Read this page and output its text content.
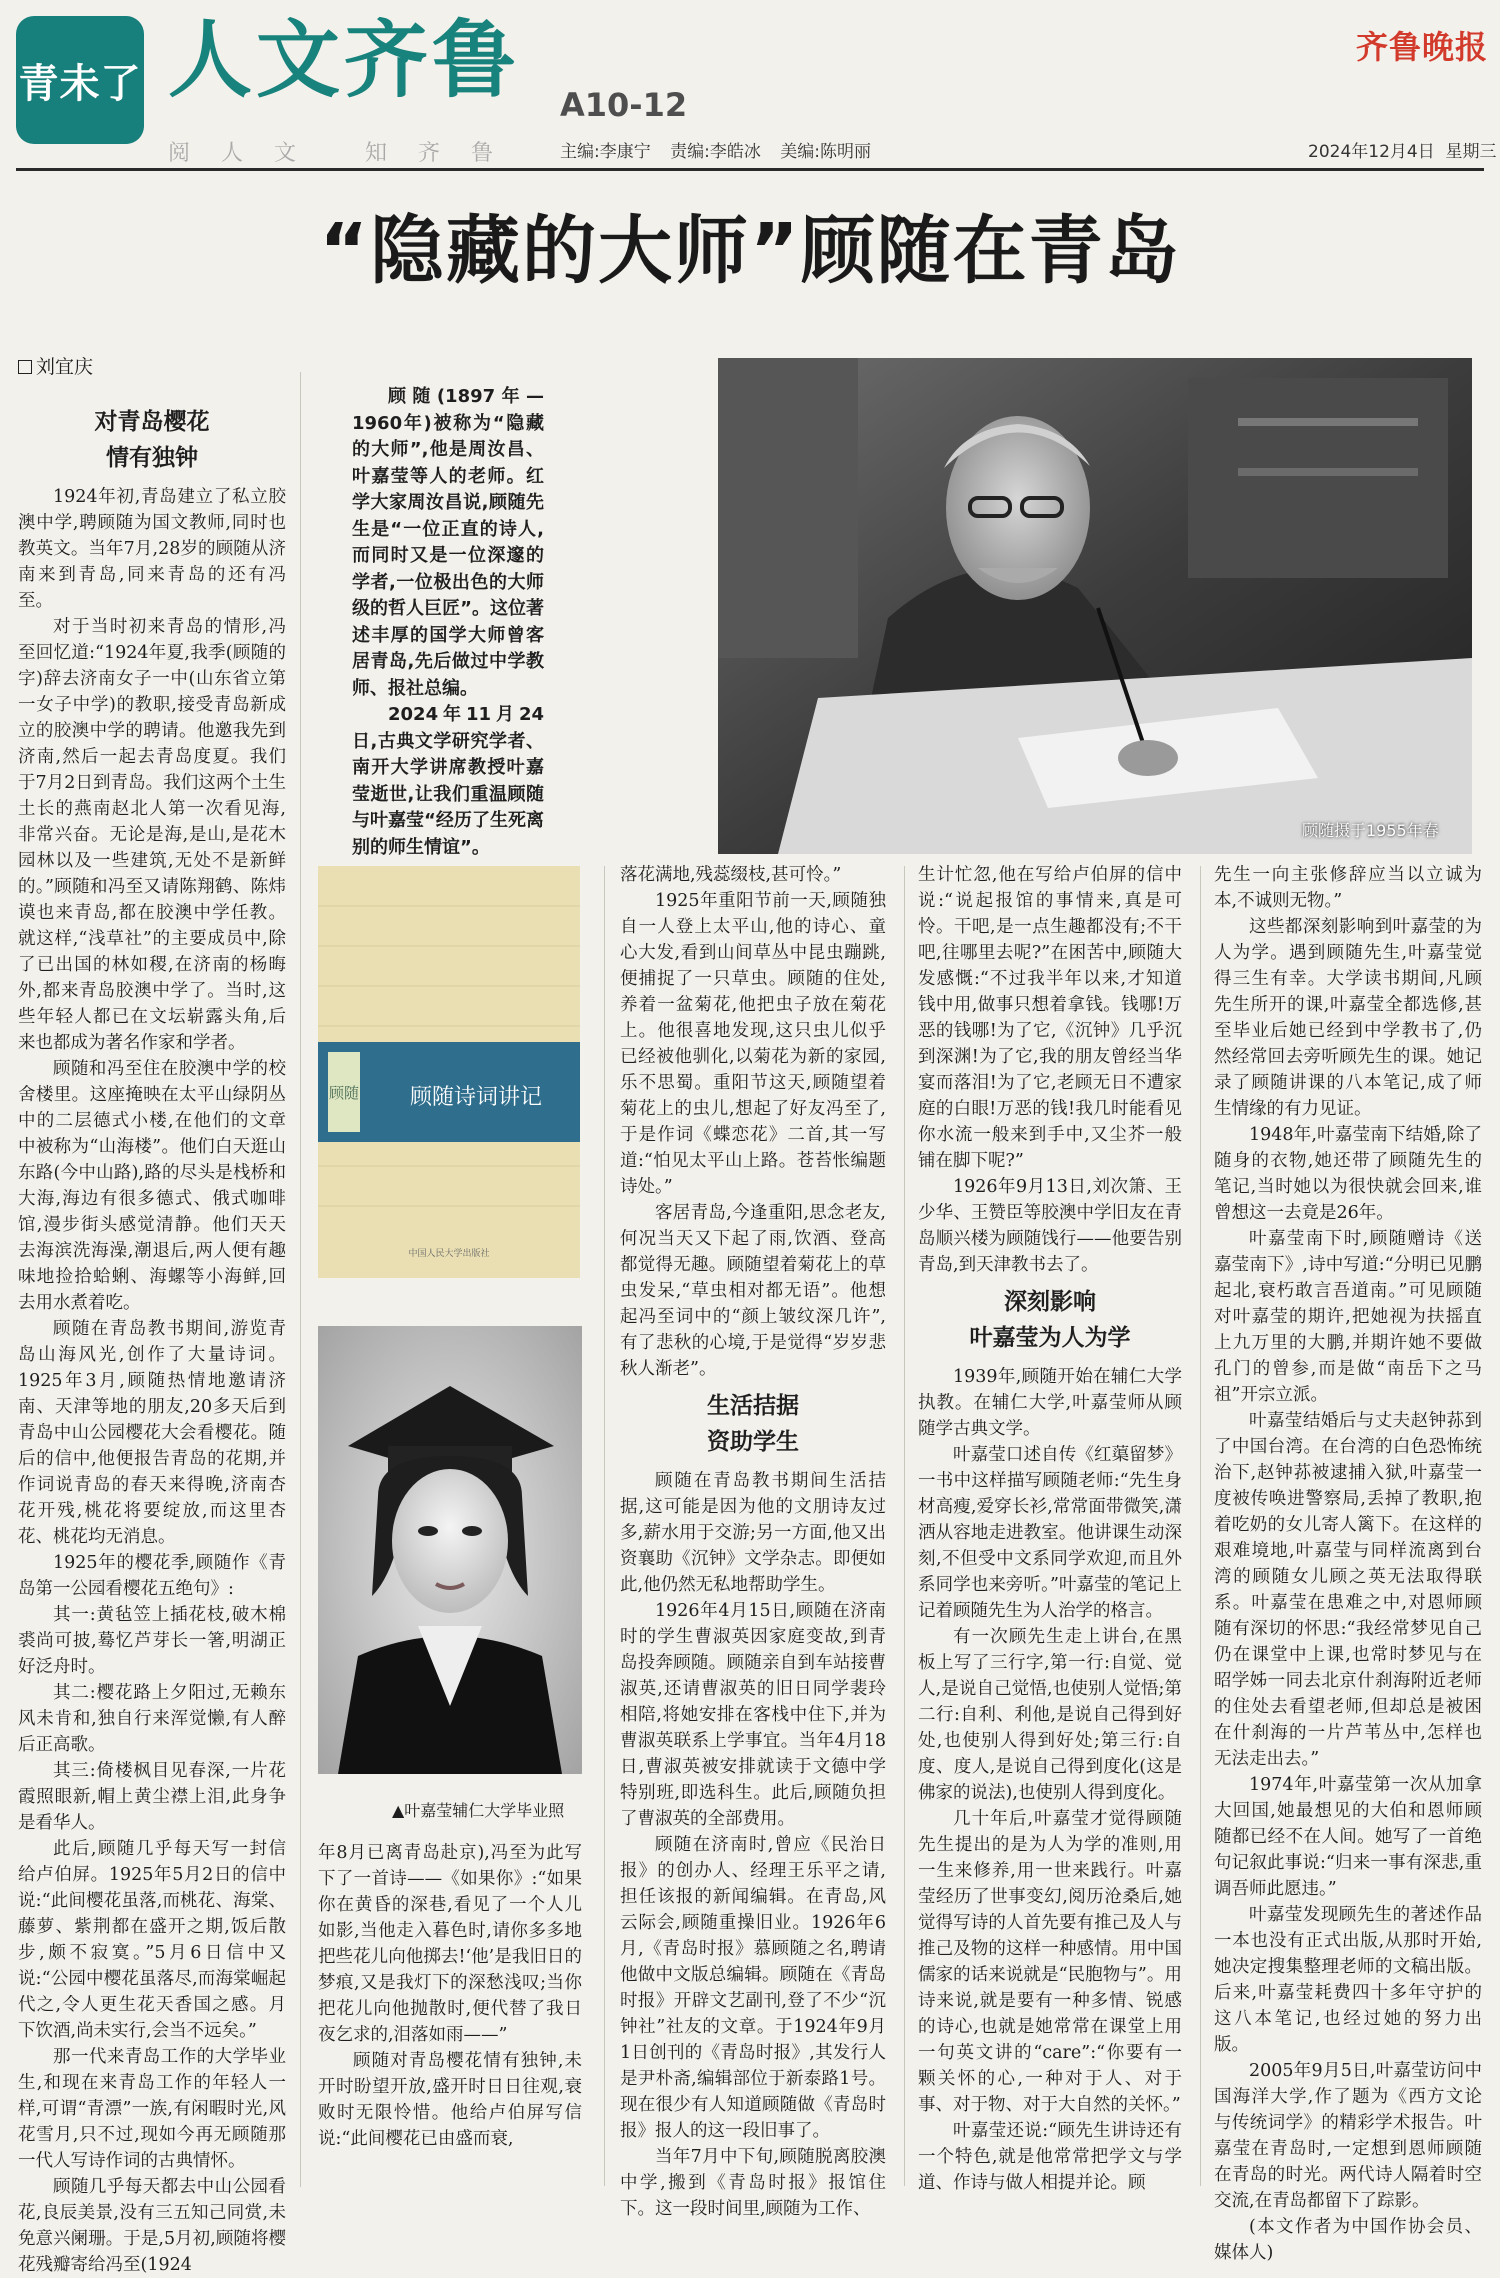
青未了 人文齐鲁 A10-12
阅人文 知齐鲁 主编:李康宁 责编:李皓冰 美编:陈明丽
齐鲁晚报
2024年12月4日 星期三
“隐藏的大师”顾随在青岛
刘宜庆
对青岛樱花
情有独钟

1924年初,青岛建立了私立胶澳中学,聘顾随为国文教师,同时也教英文。当年7月,28岁的顾随从济南来到青岛,同来青岛的还有冯至。

对于当时初来青岛的情形,冯至回忆道:“1924年夏,我季(顾随的字)辞去济南女子一中(山东省立第一女子中学)的教职,接受青岛新成立的胶澳中学的聘请。他邀我先到济南,然后一起去青岛度夏。我们于7月2日到青岛。我们这两个土生土长的燕南赵北人第一次看见海,非常兴奋。无论是海,是山,是花木园林以及一些建筑,无处不是新鲜的。”顾随和冯至又请陈翔鹤、陈炜谟也来青岛,都在胶澳中学任教。就这样,“浅草社”的主要成员中,除了已出国的林如稷,在济南的杨晦外,都来青岛胶澳中学了。当时,这些年轻人都已在文坛崭露头角,后来也都成为著名作家和学者。

顾随和冯至住在胶澳中学的校舍楼里。这座掩映在太平山绿阴丛中的二层德式小楼,在他们的文章中被称为“山海楼”。他们白天逛山东路(今中山路),路的尽头是栈桥和大海,海边有很多德式、俄式咖啡馆,漫步街头感觉清静。他们天天去海滨洗海澡,潮退后,两人便有趣味地捡拾蛤蜊、海螺等小海鲜,回去用水煮着吃。

顾随在青岛教书期间,游览青岛山海风光,创作了大量诗词。1925年3月,顾随热情地邀请济南、天津等地的朋友,20多天后到青岛中山公园樱花大会看樱花。随后的信中,他便报告青岛的花期,并作词说青岛的春天来得晚,济南杏花开残,桃花将要绽放,而这里杏花、桃花均无消息。

1925年的樱花季,顾随作《青岛第一公园看樱花五绝句》:

其一:黄毡笠上插花枝,破木棉裘尚可披,蓦忆芦芽长一箸,明湖正好泛舟时。

其二:樱花路上夕阳过,无赖东风未肯和,独自行来浑觉懒,有人醉后正高歌。

其三:倚楼枫目见春深,一片花霞照眼新,帽上黄尘襟上泪,此身争是看华人。

此后,顾随几乎每天写一封信给卢伯屏。1925年5月2日的信中说:“此间樱花虽落,而桃花、海棠、藤萝、紫荆都在盛开之期,饭后散步,颇不寂寞。”5月6日信中又说:“公园中樱花虽落尽,而海棠崛起代之,令人更生花天香国之感。月下饮酒,尚未实行,会当不远矣。”

那一代来青岛工作的大学毕业生,和现在来青岛工作的年轻人一样,可谓“青漂”一族,有闲暇时光,风花雪月,只不过,现如今再无顾随那一代人写诗作词的古典情怀。

顾随几乎每天都去中山公园看花,良辰美景,没有三五知己同赏,未免意兴阑珊。于是,5月初,顾随将樱花残瓣寄给冯至(1924

顾随(1897年—1960年)被称为“隐藏的大师”,他是周汝昌、叶嘉莹等人的老师。红学大家周汝昌说,顾随先生是“一位正直的诗人,而同时又是一位深邃的学者,一位极出色的大师级的哲人巨匠”。这位著述丰厚的国学大师曾客居青岛,先后做过中学教师、报社总编。

2024年11月24日,古典文学研究学者、南开大学讲席教授叶嘉莹逝世,让我们重温顾随与叶嘉莹“经历了生死离别的师生情谊”。

顾随摄于1955年春
顾随 顾随诗词讲记
中国人民大学出版社
▲叶嘉莹辅仁大学毕业照

年8月已离青岛赴京),冯至为此写下了一首诗——《如果你》:“如果你在黄昏的深巷,看见了一个人儿如影,当他走入暮色时,请你多多地把些花儿向他掷去!‘他’是我旧日的梦痕,又是我灯下的深愁浅叹;当你把花儿向他抛散时,便代替了我日夜乞求的,泪落如雨——”

顾随对青岛樱花情有独钟,未开时盼望开放,盛开时日日往观,衰败时无限怜惜。他给卢伯屏写信说:“此间樱花已由盛而衰,

落花满地,残蕊缀枝,甚可怜。”

1925年重阳节前一天,顾随独自一人登上太平山,他的诗心、童心大发,看到山间草丛中昆虫蹦跳,便捕捉了一只草虫。顾随的住处,养着一盆菊花,他把虫子放在菊花上。他很喜地发现,这只虫儿似乎已经被他驯化,以菊花为新的家园,乐不思蜀。重阳节这天,顾随望着菊花上的虫儿,想起了好友冯至了,于是作词《蝶恋花》二首,其一写道:“怕见太平山上路。苍苔怅编题诗处。”

客居青岛,今逢重阳,思念老友,何况当天又下起了雨,饮酒、登高都觉得无趣。顾随望着菊花上的草虫发呆,“草虫相对都无语”。他想起冯至词中的“颜上皱纹深几许”,有了悲秋的心境,于是觉得“岁岁悲秋人渐老”。

生活拮据
资助学生

顾随在青岛教书期间生活拮据,这可能是因为他的文朋诗友过多,薪水用于交游;另一方面,他又出资襄助《沉钟》文学杂志。即便如此,他仍然无私地帮助学生。

1926年4月15日,顾随在济南时的学生曹淑英因家庭变故,到青岛投奔顾随。顾随亲自到车站接曹淑英,还请曹淑英的旧日同学裴玲相陪,将她安排在客栈中住下,并为曹淑英联系上学事宜。当年4月18日,曹淑英被安排就读于文德中学特别班,即选科生。此后,顾随负担了曹淑英的全部费用。

顾随在济南时,曾应《民治日报》的创办人、经理王乐平之请,担任该报的新闻编辑。在青岛,风云际会,顾随重操旧业。1926年6月,《青岛时报》慕顾随之名,聘请他做中文版总编辑。顾随在《青岛时报》开辟文艺副刊,登了不少“沉钟社”社友的文章。于1924年9月1日创刊的《青岛时报》,其发行人是尹朴斋,编辑部位于新泰路1号。现在很少有人知道顾随做《青岛时报》报人的这一段旧事了。

当年7月中下旬,顾随脱离胶澳中学,搬到《青岛时报》报馆住下。这一段时间里,顾随为工作、

生计忙忽,他在写给卢伯屏的信中说:“说起报馆的事情来,真是可怜。干吧,是一点生趣都没有;不干吧,往哪里去呢?”在困苦中,顾随大发感慨:“不过我半年以来,才知道钱中用,做事只想着拿钱。钱哪!万恶的钱哪!为了它,《沉钟》几乎沉到深渊!为了它,我的朋友曾经当华宴而落泪!为了它,老顾无日不遭家庭的白眼!万恶的钱!我几时能看见你水流一般来到手中,又尘芥一般铺在脚下呢?”

1926年9月13日,刘次箫、王少华、王赞臣等胶澳中学旧友在青岛顺兴楼为顾随饯行——他要告别青岛,到天津教书去了。

深刻影响
叶嘉莹为人为学

1939年,顾随开始在辅仁大学执教。在辅仁大学,叶嘉莹师从顾随学古典文学。

叶嘉莹口述自传《红蕖留梦》一书中这样描写顾随老师:“先生身材高瘦,爱穿长衫,常常面带微笑,潇洒从容地走进教室。他讲课生动深刻,不但受中文系同学欢迎,而且外系同学也来旁听。”叶嘉莹的笔记上记着顾随先生为人治学的格言。

有一次顾先生走上讲台,在黑板上写了三行字,第一行:自觉、觉人,是说自己觉悟,也使别人觉悟;第二行:自利、利他,是说自己得到好处,也使别人得到好处;第三行:自度、度人,是说自己得到度化(这是佛家的说法),也使别人得到度化。

几十年后,叶嘉莹才觉得顾随先生提出的是为人为学的准则,用一生来修养,用一世来践行。叶嘉莹经历了世事变幻,阅历沧桑后,她觉得写诗的人首先要有推己及人与推己及物的这样一种感情。用中国儒家的话来说就是“民胞物与”。用诗来说,就是要有一种多情、锐感的诗心,也就是她常常在课堂上用一句英文讲的“care”:“你要有一颗关怀的心,一种对于人、对于事、对于物、对于大自然的关怀。”

叶嘉莹还说:“顾先生讲诗还有一个特色,就是他常常把学文与学道、作诗与做人相提并论。顾

先生一向主张修辞应当以立诚为本,不诚则无物。”

这些都深刻影响到叶嘉莹的为人为学。遇到顾随先生,叶嘉莹觉得三生有幸。大学读书期间,凡顾先生所开的课,叶嘉莹全都选修,甚至毕业后她已经到中学教书了,仍然经常回去旁听顾先生的课。她记录了顾随讲课的八本笔记,成了师生情缘的有力见证。

1948年,叶嘉莹南下结婚,除了随身的衣物,她还带了顾随先生的笔记,当时她以为很快就会回来,谁曾想这一去竟是26年。

叶嘉莹南下时,顾随赠诗《送嘉莹南下》,诗中写道:“分明已见鹏起北,衰朽敢言吾道南。”可见顾随对叶嘉莹的期许,把她视为扶摇直上九万里的大鹏,并期许她不要做孔门的曾参,而是做“南岳下之马祖”开宗立派。

叶嘉莹结婚后与丈夫赵钟荪到了中国台湾。在台湾的白色恐怖统治下,赵钟荪被逮捕入狱,叶嘉莹一度被传唤进警察局,丢掉了教职,抱着吃奶的女儿寄人篱下。在这样的艰难境地,叶嘉莹与同样流离到台湾的顾随女儿顾之英无法取得联系。叶嘉莹在患难之中,对恩师顾随有深切的怀思:“我经常梦见自己仍在课堂中上课,也常时梦见与在昭学姊一同去北京什刹海附近老师的住处去看望老师,但却总是被困在什刹海的一片芦苇丛中,怎样也无法走出去。”

1974年,叶嘉莹第一次从加拿大回国,她最想见的大伯和恩师顾随都已经不在人间。她写了一首绝句记叙此事说:“归来一事有深悲,重调吾师此愿违。”

叶嘉莹发现顾先生的著述作品一本也没有正式出版,从那时开始,她决定搜集整理老师的文稿出版。后来,叶嘉莹耗费四十多年守护的这八本笔记,也经过她的努力出版。

2005年9月5日,叶嘉莹访问中国海洋大学,作了题为《西方文论与传统词学》的精彩学术报告。叶嘉莹在青岛时,一定想到恩师顾随在青岛的时光。两代诗人隔着时空交流,在青岛都留下了踪影。

(本文作者为中国作协会员、媒体人)
